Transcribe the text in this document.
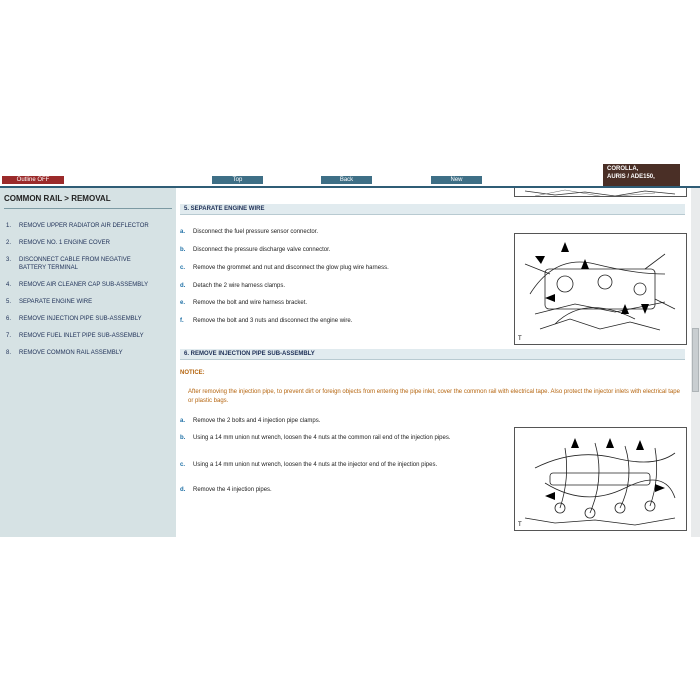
Outline OFF	Top	Back	New
COROLLA,
AURIS / ADE150,
COMMON RAIL > REMOVAL
1. REMOVE UPPER RADIATOR AIR DEFLECTOR
2. REMOVE NO. 1 ENGINE COVER
3. DISCONNECT CABLE FROM NEGATIVE BATTERY TERMINAL
4. REMOVE AIR CLEANER CAP SUB-ASSEMBLY
5. SEPARATE ENGINE WIRE
6. REMOVE INJECTION PIPE SUB-ASSEMBLY
7. REMOVE FUEL INLET PIPE SUB-ASSEMBLY
8. REMOVE COMMON RAIL ASSEMBLY
5. SEPARATE ENGINE WIRE
a. Disconnect the fuel pressure sensor connector.
b. Disconnect the pressure discharge valve connector.
c. Remove the grommet and nut and disconnect the glow plug wire harness.
d. Detach the 2 wire harness clamps.
e. Remove the bolt and wire harness bracket.
f. Remove the bolt and 3 nuts and disconnect the engine wire.
T
6. REMOVE INJECTION PIPE SUB-ASSEMBLY
NOTICE:
After removing the injection pipe, to prevent dirt or foreign objects from entering the pipe inlet, cover the common rail with electrical tape. Also protect the injector inlets with electrical tape or plastic bags.
a. Remove the 2 bolts and 4 injection pipe clamps.
b. Using a 14 mm union nut wrench, loosen the 4 nuts at the common rail end of the injection pipes.
c. Using a 14 mm union nut wrench, loosen the 4 nuts at the injector end of the injection pipes.
d. Remove the 4 injection pipes.
T
